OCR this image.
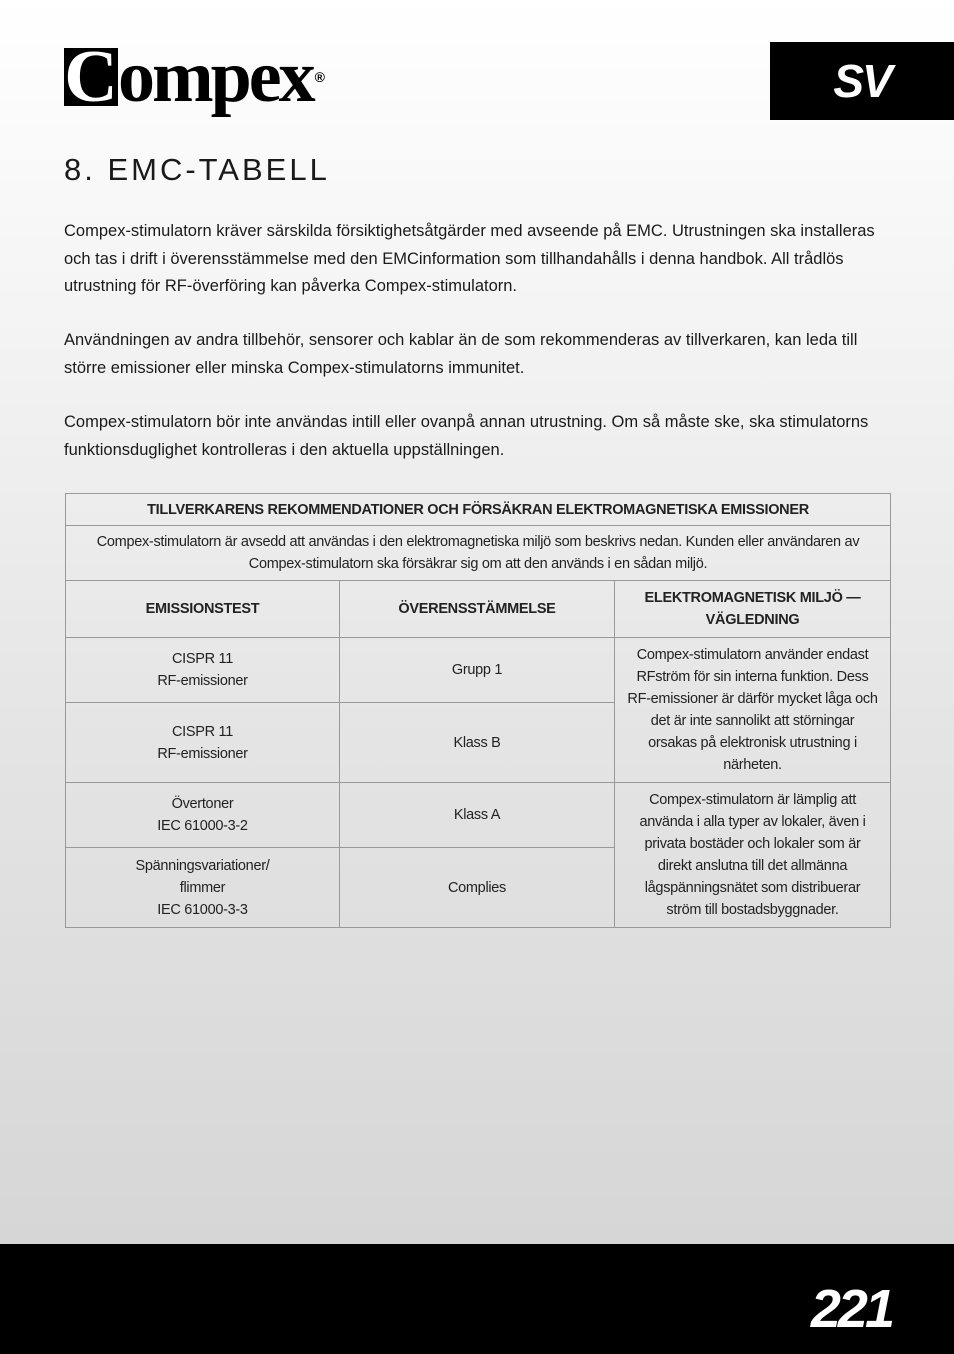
C ompex ®	SV
8. EMC-TABELL

Compex-stimulatorn kräver särskilda försiktighetsåtgärder med avseende på EMC. Utrustningen ska installeras och tas i drift i överensstämmelse med den EMCinformation som tillhandahålls i denna handbok. All trådlös utrustning för RF-överföring kan påverka Compex-stimulatorn.

Användningen av andra tillbehör, sensorer och kablar än de som rekommenderas av tillverkaren, kan leda till större emissioner eller minska Compex-stimulatorns immunitet.

Compex-stimulatorn bör inte användas intill eller ovanpå annan utrustning. Om så måste ske, ska stimulatorns funktionsduglighet kontrolleras i den aktuella uppställningen.

TILLVERKARENS REKOMMENDATIONER OCH FÖRSÄKRAN ELEKTROMAGNETISKA EMISSIONER		
Compex-stimulatorn är avsedd att användas i den elektromagnetiska miljö som beskrivs nedan. Kunden eller användaren av Compex-stimulatorn ska försäkrar sig om att den används i en sådan miljö.		
EMISSIONSTEST	ÖVERENSSTÄMMELSE	ELEKTROMAGNETISK MILJÖ — VÄGLEDNING

CISPR 11
RF-emissioner	Grupp 1	Compex-stimulatorn använder endast RFström för sin interna funktion. Dess RF-emissioner är därför mycket låga och det är inte sannolikt att störningar orsakas på elektronisk utrustning i närheten.

CISPR 11
RF-emissioner	Klass B	

Övertoner
IEC 61000-3-2	Klass A	Compex-stimulatorn är lämplig att använda i alla typer av lokaler, även i privata bostäder och lokaler som är direkt anslutna till det allmänna lågspänningsnätet som distribuerar ström till bostadsbyggnader.

Spänningsvariationer/
flimmer
IEC 61000-3-3	Complies	
221
